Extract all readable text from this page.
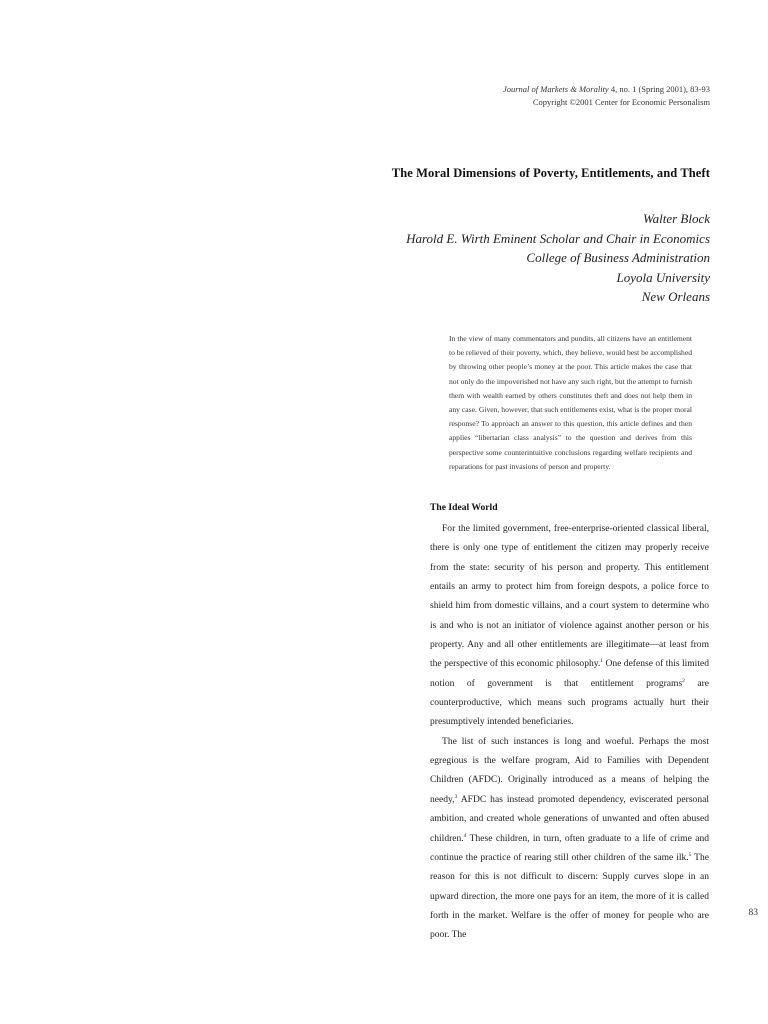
Journal of Markets & Morality 4, no. 1 (Spring 2001), 83-93
Copyright ©2001 Center for Economic Personalism
The Moral Dimensions of Poverty, Entitlements, and Theft
Walter Block
Harold E. Wirth Eminent Scholar and Chair in Economics
College of Business Administration
Loyola University
New Orleans

In the view of many commentators and pundits, all citizens have an entitlement to be relieved of their poverty, which, they believe, would best be accomplished by throwing other people’s money at the poor. This article makes the case that not only do the impoverished not have any such right, but the attempt to furnish them with wealth earned by others constitutes theft and does not help them in any case. Given, however, that such entitlements exist, what is the proper moral response? To approach an answer to this question, this article defines and then applies “libertarian class analysis” to the question and derives from this perspective some counterintuitive conclusions regarding welfare recipients and reparations for past invasions of person and property.

The Ideal World

For the limited government, free-enterprise-oriented classical liberal, there is only one type of entitlement the citizen may properly receive from the state: security of his person and property. This entitlement entails an army to protect him from foreign despots, a police force to shield him from domestic villains, and a court system to determine who is and who is not an initiator of violence against another person or his property. Any and all other entitlements are illegitimate—at least from the perspective of this economic philosophy.$^1$ One defense of this limited notion of government is that entitlement programs$^2$ are counterproductive, which means such programs actually hurt their presumptively intended beneficiaries.

The list of such instances is long and woeful. Perhaps the most egregious is the welfare program, Aid to Families with Dependent Children (AFDC). Originally introduced as a means of helping the needy,$^3$ AFDC has instead promoted dependency, eviscerated personal ambition, and created whole generations of unwanted and often abused children.$^4$ These children, in turn, often graduate to a life of crime and continue the practice of rearing still other children of the same ilk.$^5$ The reason for this is not difficult to discern: Supply curves slope in an upward direction, the more one pays for an item, the more of it is called forth in the market. Welfare is the offer of money for people who are poor. The

83
